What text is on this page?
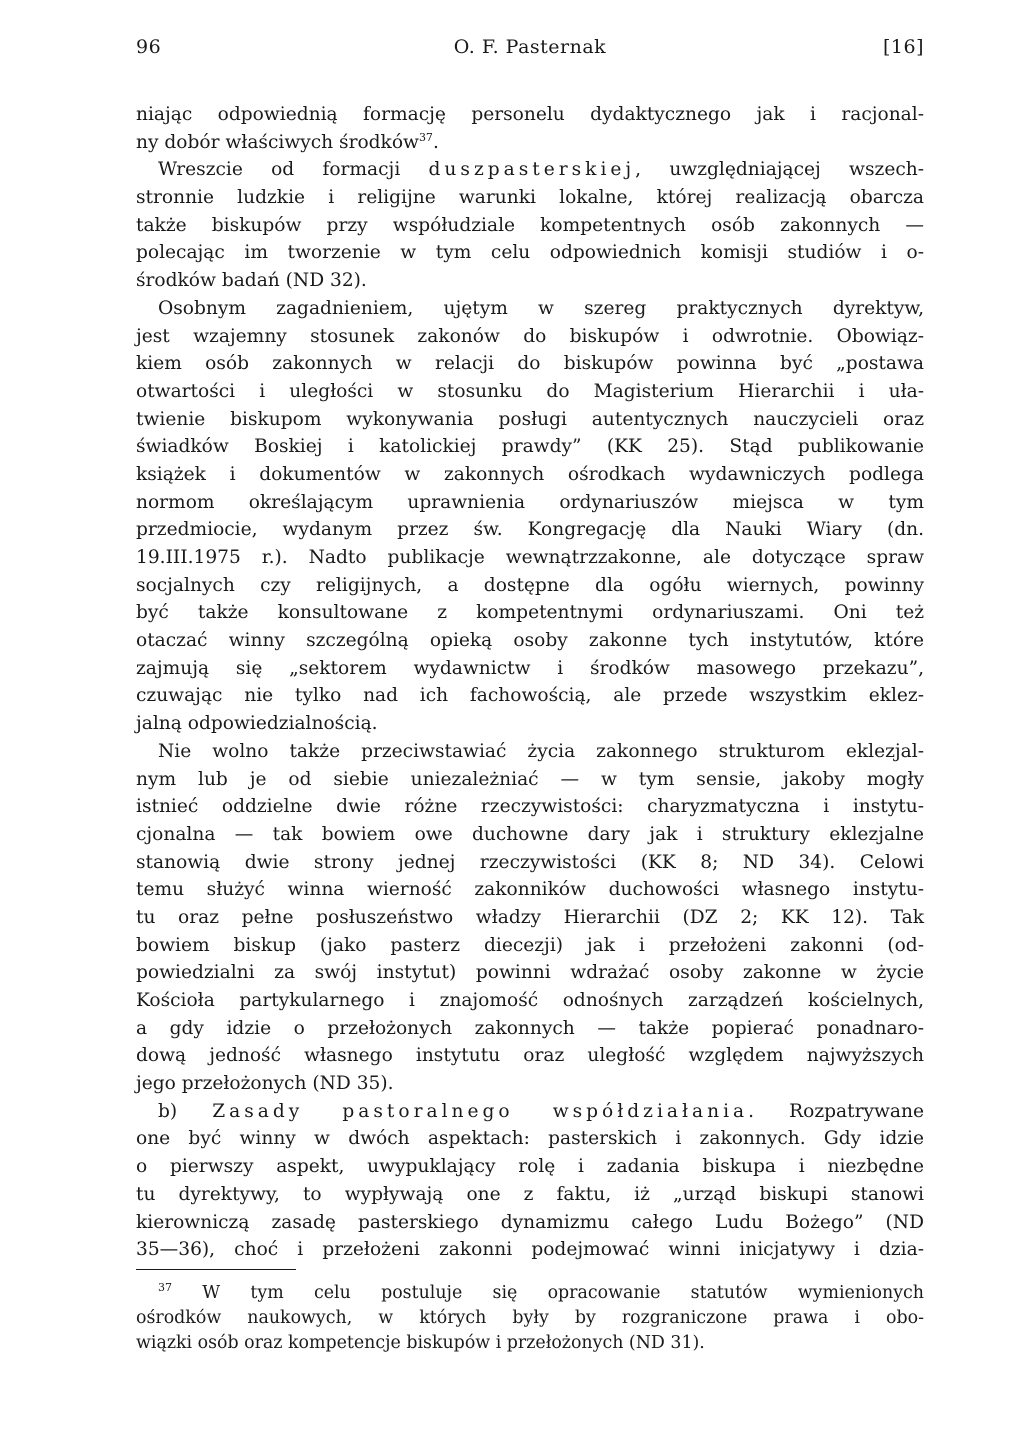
96	O. F. Pasternak	[16]
niając odpowiednią formację personelu dydaktycznego jak i racjonal-
ny dobór właściwych środków$^{37}$.
Wreszcie od formacji duszpasterskiej, uwzględniającej wszech-
stronnie ludzkie i religijne warunki lokalne, której realizacją obarcza
także biskupów przy współudziale kompetentnych osób zakonnych —
polecając im tworzenie w tym celu odpowiednich komisji studiów i o-
środków badań (ND 32).
Osobnym zagadnieniem, ujętym w szereg praktycznych dyrektyw,
jest wzajemny stosunek zakonów do biskupów i odwrotnie. Obowiąz-
kiem osób zakonnych w relacji do biskupów powinna być „postawa
otwartości i uległości w stosunku do Magisterium Hierarchii i uła-
twienie biskupom wykonywania posługi autentycznych nauczycieli oraz
świadków Boskiej i katolickiej prawdy” (KK 25). Stąd publikowanie
książek i dokumentów w zakonnych ośrodkach wydawniczych podlega
normom określającym uprawnienia ordynariuszów miejsca w tym
przedmiocie, wydanym przez św. Kongregację dla Nauki Wiary (dn.
19.III.1975 r.). Nadto publikacje wewnątrzzakonne, ale dotyczące spraw
socjalnych czy religijnych, a dostępne dla ogółu wiernych, powinny
być także konsultowane z kompetentnymi ordynariuszami. Oni też
otaczać winny szczególną opieką osoby zakonne tych instytutów, które
zajmują się „sektorem wydawnictw i środków masowego przekazu”,
czuwając nie tylko nad ich fachowością, ale przede wszystkim eklez-
jalną odpowiedzialnością.
Nie wolno także przeciwstawiać życia zakonnego strukturom eklezjal-
nym lub je od siebie uniezależniać — w tym sensie, jakoby mogły
istnieć oddzielne dwie różne rzeczywistości: charyzmatyczna i instytu-
cjonalna — tak bowiem owe duchowne dary jak i struktury eklezjalne
stanowią dwie strony jednej rzeczywistości (KK 8; ND 34). Celowi
temu służyć winna wierność zakonników duchowości własnego instytu-
tu oraz pełne posłuszeństwo władzy Hierarchii (DZ 2; KK 12). Tak
bowiem biskup (jako pasterz diecezji) jak i przełożeni zakonni (od-
powiedzialni za swój instytut) powinni wdrażać osoby zakonne w życie
Kościoła partykularnego i znajomość odnośnych zarządzeń kościelnych,
a gdy idzie o przełożonych zakonnych — także popierać ponadnaro-
dową jedność własnego instytutu oraz uległość względem najwyższych
jego przełożonych (ND 35).
b) Zasady pastoralnego współdziałania. Rozpatrywane
one być winny w dwóch aspektach: pasterskich i zakonnych. Gdy idzie
o pierwszy aspekt, uwypuklający rolę i zadania biskupa i niezbędne
tu dyrektywy, to wypływają one z faktu, iż „urząd biskupi stanowi
kierowniczą zasadę pasterskiego dynamizmu całego Ludu Bożego” (ND
35—36), choć i przełożeni zakonni podejmować winni inicjatywy i dzia-
$^{37}$ W tym celu postuluje się opracowanie statutów wymienionych
ośrodków naukowych, w których były by rozgraniczone prawa i obo-
wiązki osób oraz kompetencje biskupów i przełożonych (ND 31).
